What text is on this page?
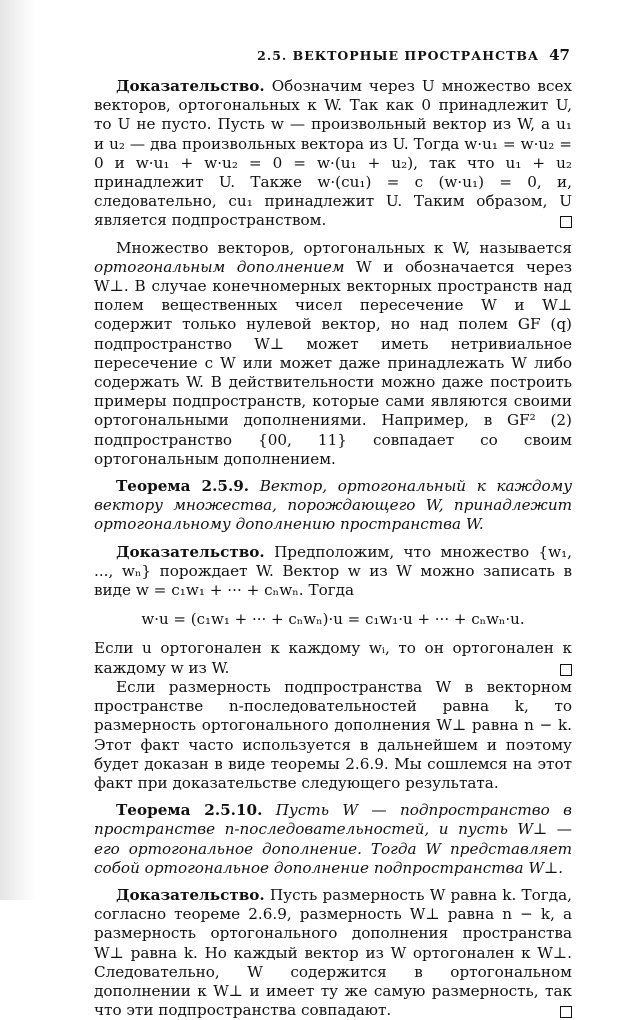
2.5. ВЕКТОРНЫЕ ПРОСТРАНСТВА 47

Доказательство. Обозначим через U множество всех векторов, ортогональных к W. Так как 0 принадлежит U, то U не пусто. Пусть w — произвольный вектор из W, а u₁ и u₂ — два произвольных вектора из U. Тогда w·u₁ = w·u₂ = 0 и w·u₁ + w·u₂ = 0 = w·(u₁ + u₂), так что u₁ + u₂ принадлежит U. Также w·(cu₁) = c (w·u₁) = 0, и, следовательно, cu₁ принадлежит U. Таким образом, U является подпространством.

Множество векторов, ортогональных к W, называется ортогональным дополнением W и обозначается через W⊥. В случае конечномерных векторных пространств над полем вещественных чисел пересечение W и W⊥ содержит только нулевой вектор, но над полем GF (q) подпространство W⊥ может иметь нетривиальное пересечение с W или может даже принадлежать W либо содержать W. В действительности можно даже построить примеры подпространств, которые сами являются своими ортогональными дополнениями. Например, в GF² (2) подпространство {00, 11} совпадает со своим ортогональным дополнением.

Теорема 2.5.9. Вектор, ортогональный к каждому вектору множества, порождающего W, принадлежит ортогональному дополнению пространства W.

Доказательство. Предположим, что множество {w₁, ..., wₙ} порождает W. Вектор w из W можно записать в виде w = c₁w₁ + ··· + cₙwₙ. Тогда

w·u = (c₁w₁ + ··· + cₙwₙ)·u = c₁w₁·u + ··· + cₙwₙ·u.

Если u ортогонален к каждому wᵢ, то он ортогонален к каждому w из W.

Если размерность подпространства W в векторном пространстве n-последовательностей равна k, то размерность ортогонального дополнения W⊥ равна n − k. Этот факт часто используется в дальнейшем и поэтому будет доказан в виде теоремы 2.6.9. Мы сошлемся на этот факт при доказательстве следующего результата.

Теорема 2.5.10. Пусть W — подпространство в пространстве n-последовательностей, и пусть W⊥ — его ортогональное дополнение. Тогда W представляет собой ортогональное дополнение подпространства W⊥.

Доказательство. Пусть размерность W равна k. Тогда, согласно теореме 2.6.9, размерность W⊥ равна n − k, а размерность ортогонального дополнения пространства W⊥ равна k. Но каждый вектор из W ортогонален к W⊥. Следовательно, W содержится в ортогональном дополнении к W⊥ и имеет ту же самую размерность, так что эти подпространства совпадают.
